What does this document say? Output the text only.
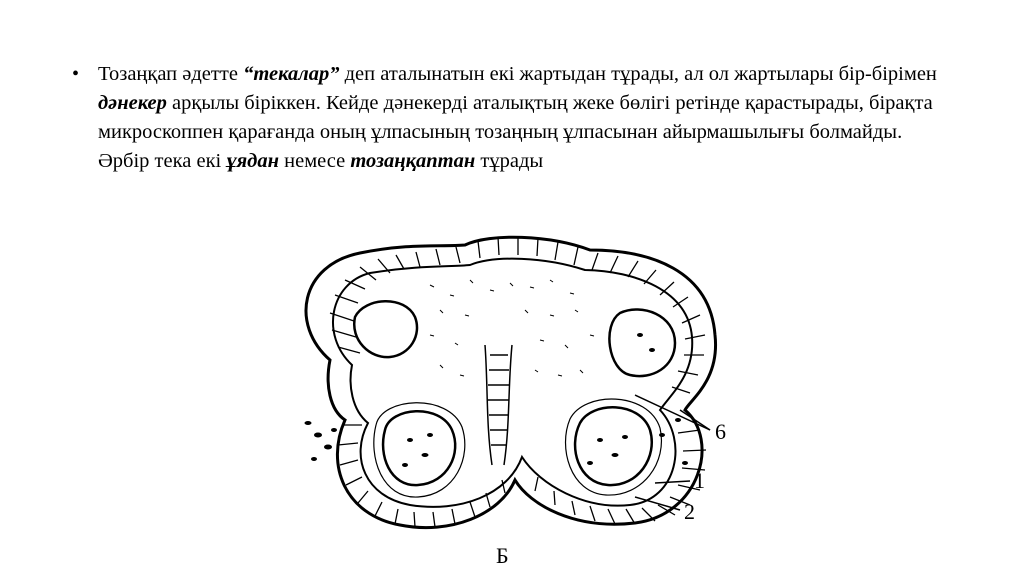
• Тозаңқап әдетте “текалар” деп аталынатын екі жартыдан тұрады, ал ол жартылары бір-бірімен дәнекер арқылы біріккен. Кейде дәнекерді аталықтың жеке бөлігі ретінде қарастырады, бірақта микроскоппен қарағанда оның ұлпасының тозаңның ұлпасынан айырмашылығы болмайды. Әрбір тека екі ұядан немесе тозаңқаптан тұрады
6
1
2
Б
